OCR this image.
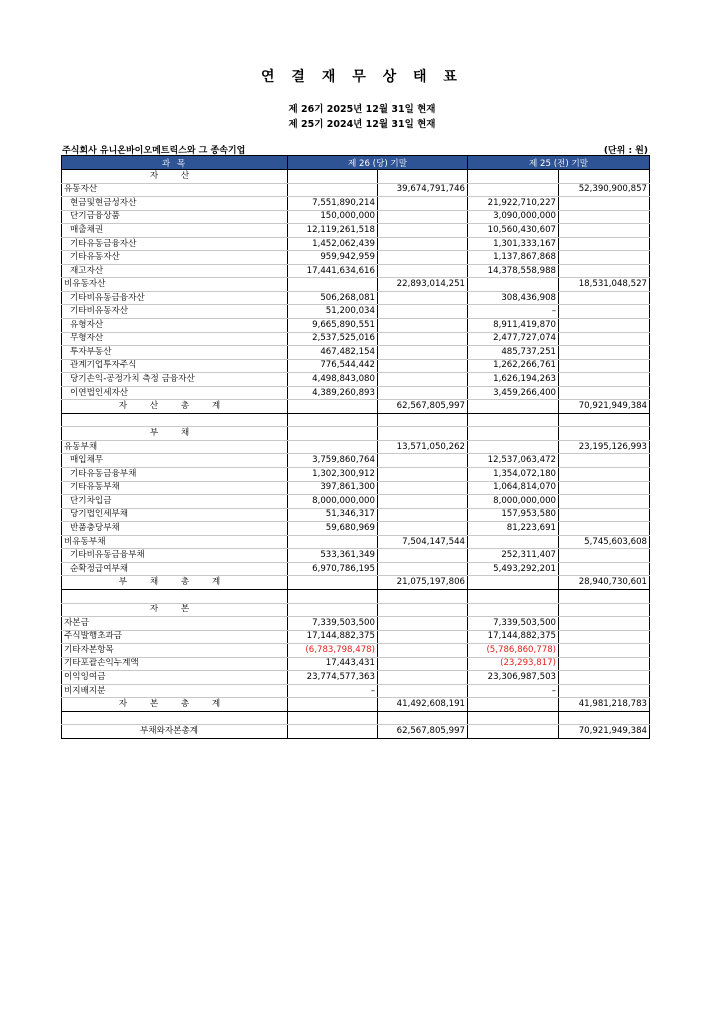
연 결 재 무 상 태 표
제 26기 2025년 12월 31일 현재
제 25기 2024년 12월 31일 현재
주식회사 유니온바이오메트릭스와 그 종속기업	(단위 : 원)
과 목	제 26 (당) 기말		제 25 (전) 기말	
자 산				
유동자산		39,674,791,746		52,390,900,857
현금및현금성자산	7,551,890,214		21,922,710,227	
단기금융상품	150,000,000		3,090,000,000	
매출채권	12,119,261,518		10,560,430,607	
기타유동금융자산	1,452,062,439		1,301,333,167	
기타유동자산	959,942,959		1,137,867,868	
재고자산	17,441,634,616		14,378,558,988	
비유동자산		22,893,014,251		18,531,048,527
기타비유동금융자산	506,268,081		308,436,908	
기타비유동자산	51,200,034		–	
유형자산	9,665,890,551		8,911,419,870	
무형자산	2,537,525,016		2,477,727,074	
투자부동산	467,482,154		485,737,251	
관계기업투자주식	776,544,442		1,262,266,761	
당기손익-공정가치 측정 금융자산	4,498,843,080		1,626,194,263	
이연법인세자산	4,389,260,893		3,459,266,400	
자 산 총 계		62,567,805,997		70,921,949,384

부 채				
유동부채		13,571,050,262		23,195,126,993
매입채무	3,759,860,764		12,537,063,472	
기타유동금융부채	1,302,300,912		1,354,072,180	
기타유동부채	397,861,300		1,064,814,070	
단기차입금	8,000,000,000		8,000,000,000	
당기법인세부채	51,346,317		157,953,580	
반품충당부채	59,680,969		81,223,691	
비유동부채		7,504,147,544		5,745,603,608
기타비유동금융부채	533,361,349		252,311,407	
순확정급여부채	6,970,786,195		5,493,292,201	
부 채 총 계		21,075,197,806		28,940,730,601

자 본				
자본금	7,339,503,500		7,339,503,500	
주식발행초과금	17,144,882,375		17,144,882,375	
기타자본항목	(6,783,798,478)		(5,786,860,778)	
기타포괄손익누계액	17,443,431		(23,293,817)	
이익잉여금	23,774,577,363		23,306,987,503	
비지배지분	–		–	
자 본 총 계		41,492,608,191		41,981,218,783

부채와자본총계		62,567,805,997		70,921,949,384
